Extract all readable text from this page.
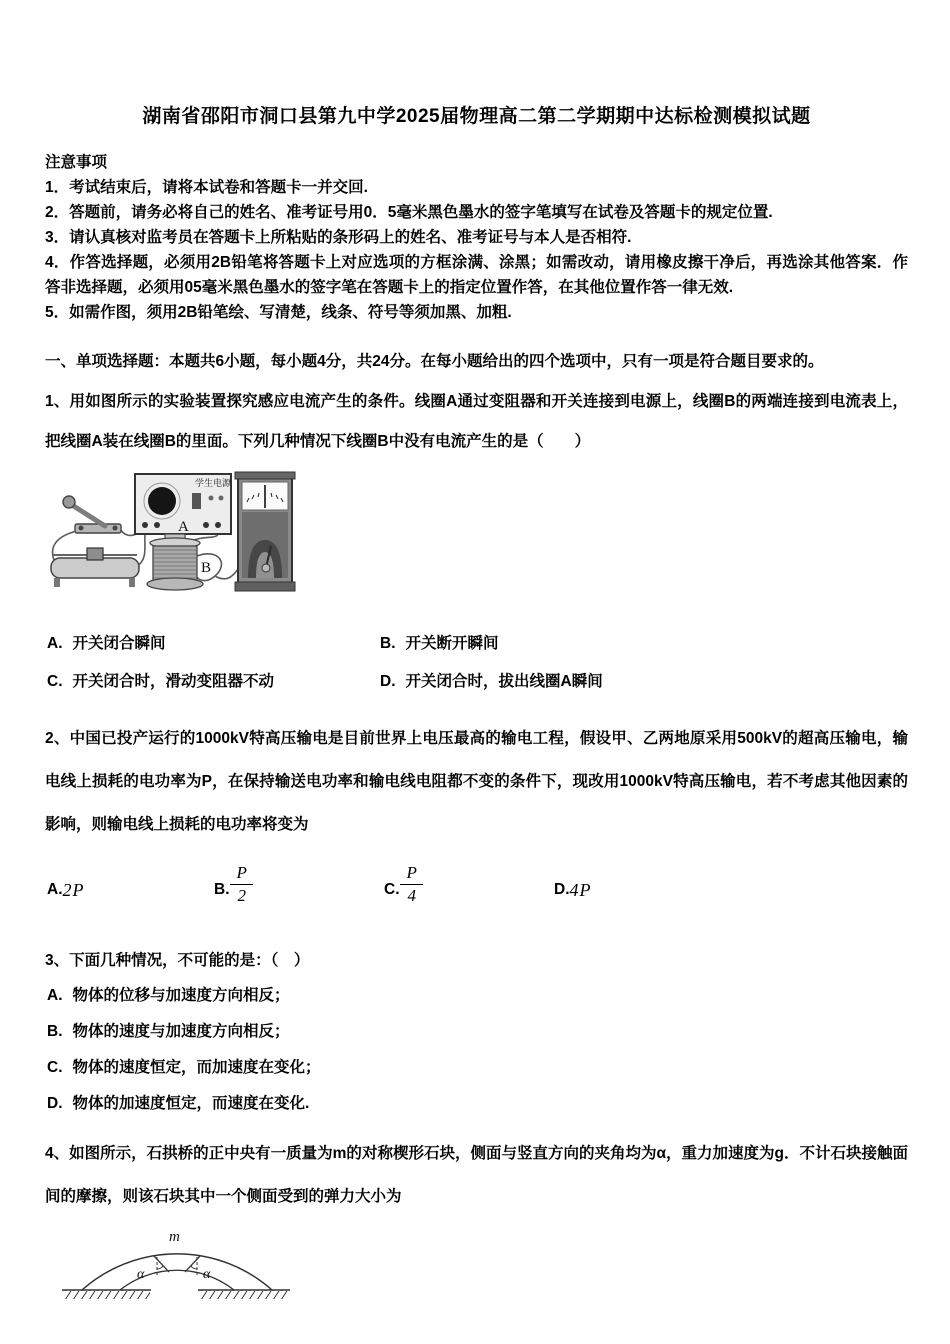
湖南省邵阳市洞口县第九中学2025届物理高二第二学期期中达标检测模拟试题

注意事项

1．考试结束后，请将本试卷和答题卡一并交回.

2．答题前，请务必将自己的姓名、准考证号用0．5毫米黑色墨水的签字笔填写在试卷及答题卡的规定位置.

3．请认真核对监考员在答题卡上所粘贴的条形码上的姓名、准考证号与本人是否相符.

4．作答选择题，必须用2B铅笔将答题卡上对应选项的方框涂满、涂黑；如需改动，请用橡皮擦干净后，再选涂其他答案．作答非选择题，必须用05毫米黑色墨水的签字笔在答题卡上的指定位置作答，在其他位置作答一律无效.

5．如需作图，须用2B铅笔绘、写清楚，线条、符号等须加黑、加粗.

一、单项选择题：本题共6小题，每小题4分，共24分。在每小题给出的四个选项中，只有一项是符合题目要求的。

1、用如图所示的实验装置探究感应电流产生的条件。线圈A通过变阻器和开关连接到电源上，线圈B的两端连接到电流表上，把线圈A装在线圈B的里面。下列几种情况下线圈B中没有电流产生的是（　　）

学生电源
A
B
A. 开关闭合瞬间	B. 开关断开瞬间
C. 开关闭合时，滑动变阻器不动	D. 开关闭合时，拔出线圈A瞬间

2、中国已投产运行的1000kV特高压输电是目前世界上电压最高的输电工程，假设甲、乙两地原采用500kV的超高压输电，输电线上损耗的电功率为P，在保持输送电功率和输电线电阻都不变的条件下，现改用1000kV特高压输电，若不考虑其他因素的影响，则输电线上损耗的电功率将变为

A. 2P	B. $\frac{P}{2}$	C. $\frac{P}{4}$	D. 4P

3、下面几种情况，不可能的是：（　）

A. 物体的位移与加速度方向相反；
B. 物体的速度与加速度方向相反；
C. 物体的速度恒定，而加速度在变化；
D. 物体的加速度恒定，而速度在变化.

4、如图所示，石拱桥的正中央有一质量为m的对称楔形石块，侧面与竖直方向的夹角均为α，重力加速度为g．不计石块接触面间的摩擦，则该石块其中一个侧面受到的弹力大小为

m
α	α
